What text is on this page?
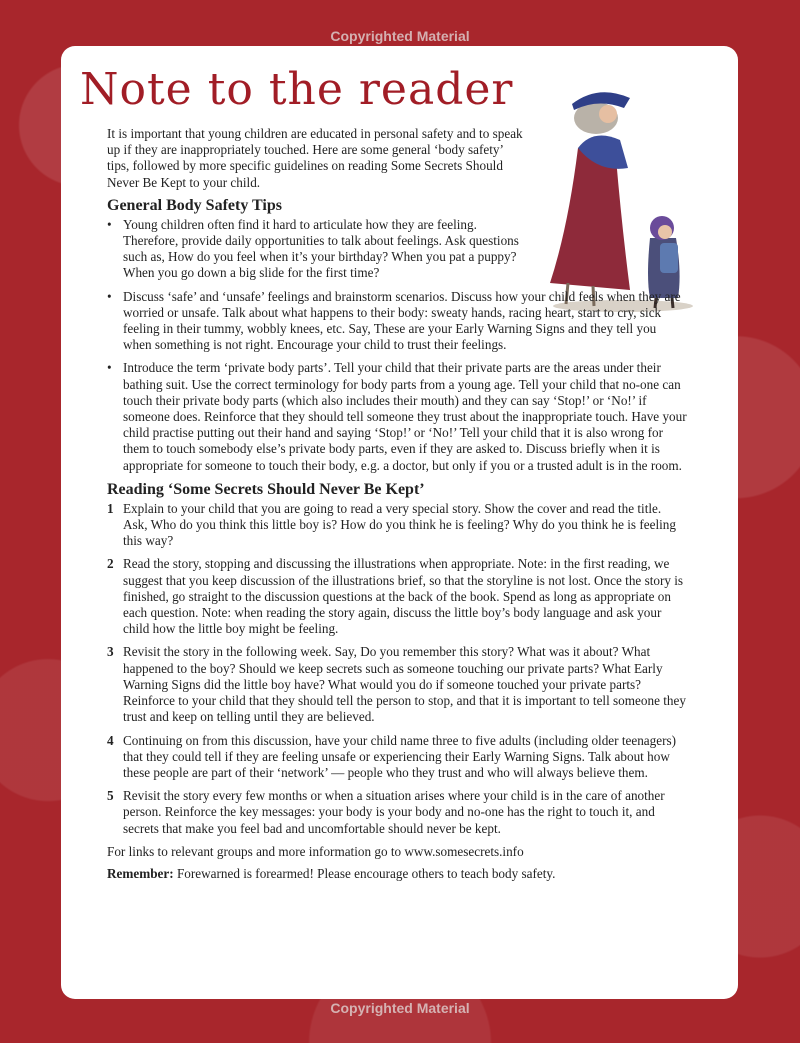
Copyrighted Material
Note to the reader

It is important that young children are educated in personal safety and to speak up if they are inappropriately touched. Here are some general ‘body safety’ tips, followed by more specific guidelines on reading Some Secrets Should Never Be Kept to your child.

General Body Safety Tips
• Young children often find it hard to articulate how they are feeling. Therefore, provide daily opportunities to talk about feelings. Ask questions such as, How do you feel when it’s your birthday? When you pat a puppy? When you go down a big slide for the first time?
• Discuss ‘safe’ and ‘unsafe’ feelings and brainstorm scenarios. Discuss how your child feels when they are worried or unsafe. Talk about what happens to their body: sweaty hands, racing heart, start to cry, sick feeling in their tummy, wobbly knees, etc. Say, These are your Early Warning Signs and they tell you when something is not right. Encourage your child to trust their feelings.
• Introduce the term ‘private body parts’. Tell your child that their private parts are the areas under their bathing suit. Use the correct terminology for body parts from a young age. Tell your child that no-one can touch their private body parts (which also includes their mouth) and they can say ‘Stop!’ or ‘No!’ if someone does. Reinforce that they should tell someone they trust about the inappropriate touch. Have your child practise putting out their hand and saying ‘Stop!’ or ‘No!’ Tell your child that it is also wrong for them to touch somebody else’s private body parts, even if they are asked to. Discuss briefly when it is appropriate for someone to touch their body, e.g. a doctor, but only if you or a trusted adult is in the room.
Reading ‘Some Secrets Should Never Be Kept’
1 Explain to your child that you are going to read a very special story. Show the cover and read the title. Ask, Who do you think this little boy is? How do you think he is feeling? Why do you think he is feeling this way?
2 Read the story, stopping and discussing the illustrations when appropriate. Note: in the first reading, we suggest that you keep discussion of the illustrations brief, so that the storyline is not lost. Once the story is finished, go straight to the discussion questions at the back of the book. Spend as long as appropriate on each question. Note: when reading the story again, discuss the little boy’s body language and ask your child how the little boy might be feeling.
3 Revisit the story in the following week. Say, Do you remember this story? What was it about? What happened to the boy? Should we keep secrets such as someone touching our private parts? What Early Warning Signs did the little boy have? What would you do if someone touched your private parts? Reinforce to your child that they should tell the person to stop, and that it is important to tell someone they trust and keep on telling until they are believed.
4 Continuing on from this discussion, have your child name three to five adults (including older teenagers) that they could tell if they are feeling unsafe or experiencing their Early Warning Signs. Talk about how these people are part of their ‘network’ — people who they trust and who will always believe them.
5 Revisit the story every few months or when a situation arises where your child is in the care of another person. Reinforce the key messages: your body is your body and no-one has the right to touch it, and secrets that make you feel bad and uncomfortable should never be kept.

For links to relevant groups and more information go to www.somesecrets.info

Remember: Forewarned is forearmed! Please encourage others to teach body safety.

Copyrighted Material
